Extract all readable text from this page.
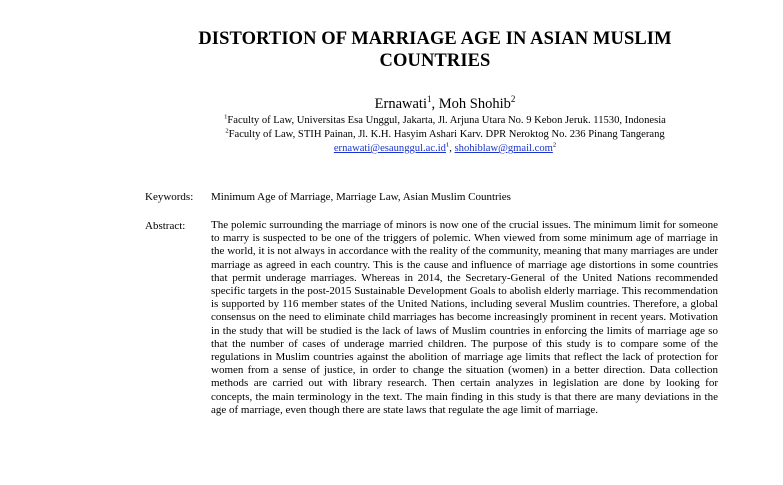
DISTORTION OF MARRIAGE AGE IN ASIAN MUSLIM COUNTRIES
Ernawati$^1$, Moh Shohib$^2$
$^1$Faculty of Law, Universitas Esa Unggul, Jakarta, Jl. Arjuna Utara No. 9 Kebon Jeruk. 11530, Indonesia
$^2$Faculty of Law, STIH Painan, Jl. K.H. Hasyim Ashari Karv. DPR Neroktog No. 236 Pinang Tangerang
$ernawati@esaunggul.ac.id^1$, shohiblaw@gmail.com$^2$
Keywords: Minimum Age of Marriage, Marriage Law, Asian Muslim Countries
Abstract: The polemic surrounding the marriage of minors is now one of the crucial issues. The minimum limit for someone to marry is suspected to be one of the triggers of polemic. When viewed from some minimum age of marriage in the world, it is not always in accordance with the reality of the community, meaning that many marriages are under marriage as agreed in each country. This is the cause and influence of marriage age distortions in some countries that permit underage marriages. Whereas in 2014, the Secretary-General of the United Nations recommended specific targets in the post-2015 Sustainable Development Goals to abolish elderly marriage. This recommendation is supported by 116 member states of the United Nations, including several Muslim countries. Therefore, a global consensus on the need to eliminate child marriages has become increasingly prominent in recent years. Motivation in the study that will be studied is the lack of laws of Muslim countries in enforcing the limits of marriage age so that the number of cases of underage married children. The purpose of this study is to compare some of the regulations in Muslim countries against the abolition of marriage age limits that reflect the lack of protection for women from a sense of justice, in order to change the situation (women) in a better direction. Data collection methods are carried out with library research. Then certain analyzes in legislation are done by looking for concepts, the main terminology in the text. The main finding in this study is that there are many deviations in the age of marriage, even though there are state laws that regulate the age limit of marriage.
